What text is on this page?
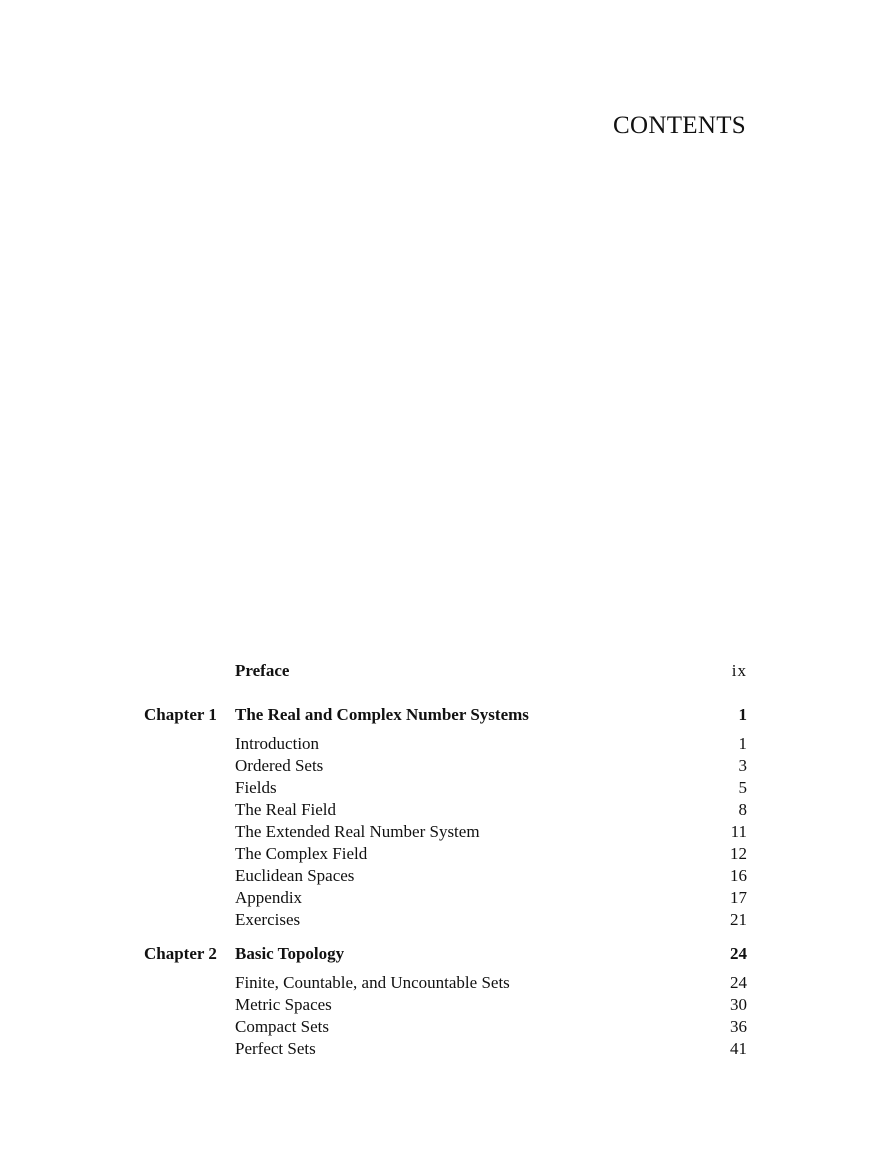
CONTENTS
Preface	ix
Chapter 1 The Real and Complex Number Systems	1
Introduction	1
Ordered Sets	3
Fields	5
The Real Field	8
The Extended Real Number System	11
The Complex Field	12
Euclidean Spaces	16
Appendix	17
Exercises	21
Chapter 2 Basic Topology	24
Finite, Countable, and Uncountable Sets	24
Metric Spaces	30
Compact Sets	36
Perfect Sets	41
